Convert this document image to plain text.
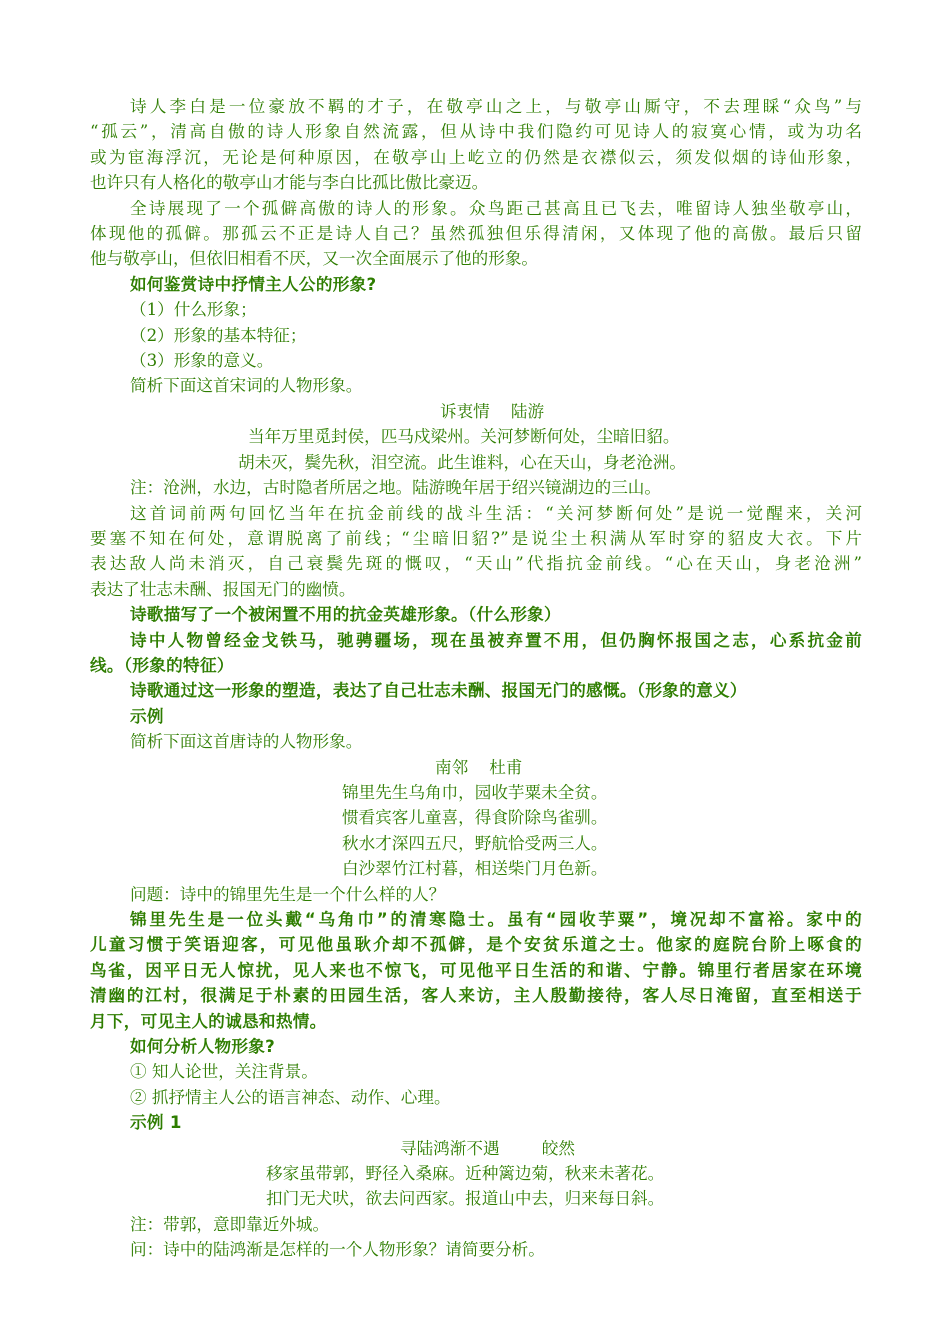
诗人李白是一位豪放不羁的才子，在敬亭山之上，与敬亭山厮守，不去理睬“众鸟”与
“孤云”，清高自傲的诗人形象自然流露，但从诗中我们隐约可见诗人的寂寞心情，或为功名
或为宦海浮沉，无论是何种原因，在敬亭山上屹立的仍然是衣襟似云，须发似烟的诗仙形象，
也许只有人格化的敬亭山才能与李白比孤比傲比豪迈。
全诗展现了一个孤僻高傲的诗人的形象。众鸟距己甚高且已飞去，唯留诗人独坐敬亭山，
体现他的孤僻。那孤云不正是诗人自己？虽然孤独但乐得清闲，又体现了他的高傲。最后只留
他与敬亭山，但依旧相看不厌，又一次全面展示了他的形象。
如何鉴赏诗中抒情主人公的形象?
（1）什么形象；
（2）形象的基本特征；
（3）形象的意义。
简析下面这首宋词的人物形象。
诉衷情    陆游
当年万里觅封侯，匹马戍梁州。关河梦断何处，尘暗旧貂。
胡未灭，鬓先秋，泪空流。此生谁料，心在天山，身老沧洲。
注：沧洲，水边，古时隐者所居之地。陆游晚年居于绍兴镜湖边的三山。
这首词前两句回忆当年在抗金前线的战斗生活：“关河梦断何处”是说一觉醒来，关河
要塞不知在何处，意谓脱离了前线；“尘暗旧貂?”是说尘土积满从军时穿的貂皮大衣。下片
表达敌人尚未消灭，自己衰鬓先斑的慨叹，“天山”代指抗金前线。“心在天山，身老沧洲”
表达了壮志未酬、报国无门的幽愤。
诗歌描写了一个被闲置不用的抗金英雄形象。（什么形象）
诗中人物曾经金戈铁马，驰骋疆场，现在虽被弃置不用，但仍胸怀报国之志，心系抗金前
线。（形象的特征）
诗歌通过这一形象的塑造，表达了自己壮志未酬、报国无门的感慨。（形象的意义）
示例
简析下面这首唐诗的人物形象。
南邻    杜甫
锦里先生乌角巾，园收芋粟未全贫。
惯看宾客儿童喜，得食阶除鸟雀驯。
秋水才深四五尺，野航恰受两三人。
白沙翠竹江村暮，相送柴门月色新。
问题：诗中的锦里先生是一个什么样的人？
锦里先生是一位头戴“乌角巾”的清寒隐士。虽有“园收芋粟”，境况却不富裕。家中的
儿童习惯于笑语迎客，可见他虽耿介却不孤僻，是个安贫乐道之士。他家的庭院台阶上啄食的
鸟雀，因平日无人惊扰，见人来也不惊飞，可见他平日生活的和谐、宁静。锦里行者居家在环境
清幽的江村，很满足于朴素的田园生活，客人来访，主人殷勤接待，客人尽日淹留，直至相送于
月下，可见主人的诚恳和热情。
如何分析人物形象?
① 知人论世，关注背景。
② 抓抒情主人公的语言神态、动作、心理。
示例 1
寻陆鸿渐不遇        皎然
移家虽带郭，野径入桑麻。近种篱边菊，秋来未著花。
扣门无犬吠，欲去问西家。报道山中去，归来每日斜。
注：带郭，意即靠近外城。
问：诗中的陆鸿渐是怎样的一个人物形象？请简要分析。
